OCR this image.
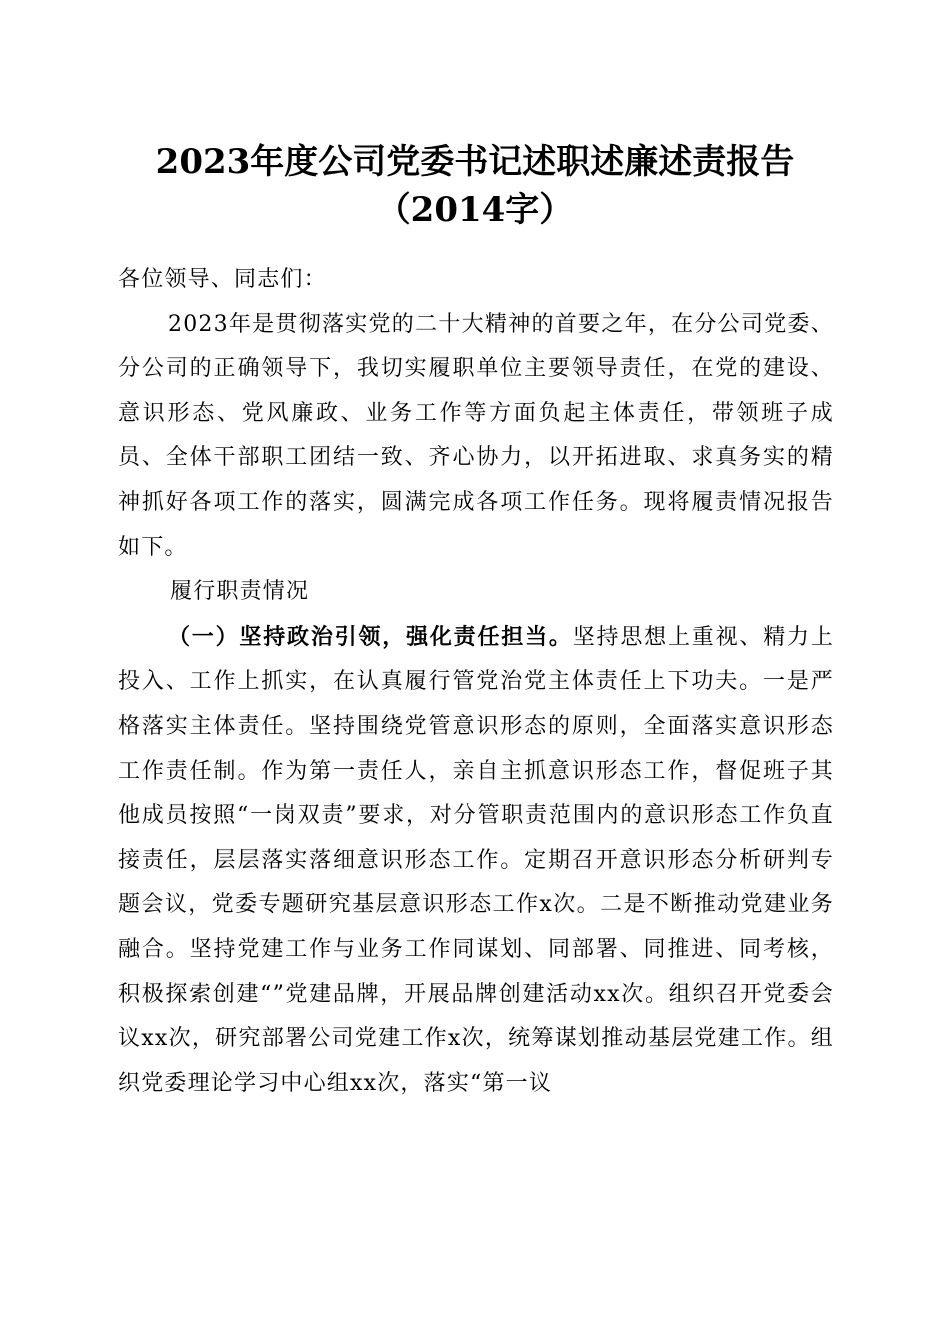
2023年度公司党委书记述职述廉述责报告
（2014字）

各位领导、同志们：

2023年是贯彻落实党的二十大精神的首要之年，在分公司党委、分公司的正确领导下，我切实履职单位主要领导责任，在党的建设、意识形态、党风廉政、业务工作等方面负起主体责任，带领班子成员、全体干部职工团结一致、齐心协力，以开拓进取、求真务实的精神抓好各项工作的落实，圆满完成各项工作任务。现将履责情况报告如下。

履行职责情况

（一）坚持政治引领，强化责任担当。坚持思想上重视、精力上投入、工作上抓实，在认真履行管党治党主体责任上下功夫。一是严格落实主体责任。坚持围绕党管意识形态的原则，全面落实意识形态工作责任制。作为第一责任人，亲自主抓意识形态工作，督促班子其他成员按照“一岗双责”要求，对分管职责范围内的意识形态工作负直接责任，层层落实落细意识形态工作。定期召开意识形态分析研判专题会议，党委专题研究基层意识形态工作x次。二是不断推动党建业务融合。坚持党建工作与业务工作同谋划、同部署、同推进、同考核，积极探索创建“”党建品牌，开展品牌创建活动xx次。组织召开党委会议xx次，研究部署公司党建工作x次，统筹谋划推动基层党建工作。组织党委理论学习中心组xx次，落实“第一议
